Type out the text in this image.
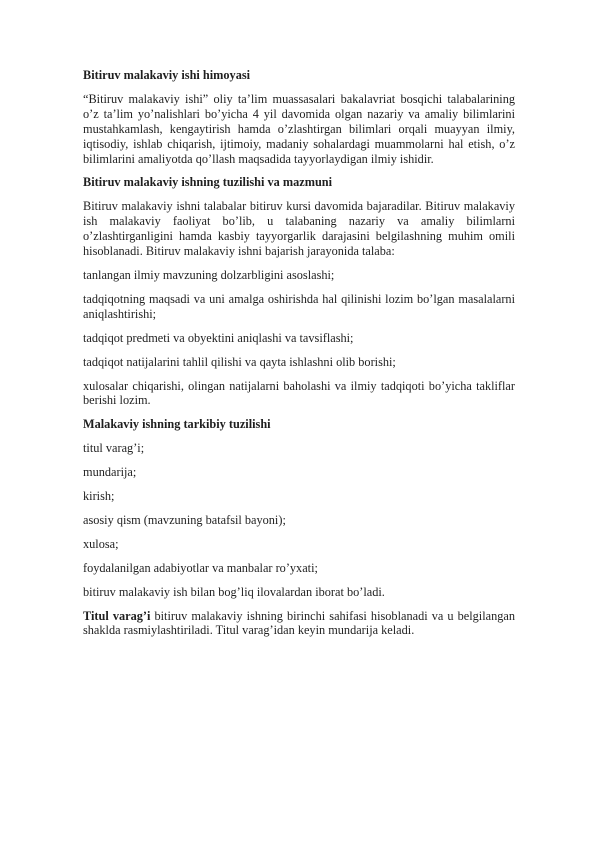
Bitiruv malakaviy ishi himoyasi

“Bitiruv malakaviy ishi” oliy ta’lim muassasalari bakalavriat bosqichi talabalarining o’z ta’lim yo’nalishlari bo’yicha 4 yil davomida olgan nazariy va amaliy bilimlarini mustahkamlash, kengaytirish hamda o’zlashtirgan bilimlari orqali muayyan ilmiy, iqtisodiy, ishlab chiqarish, ijtimoiy, madaniy sohalardagi muammolarni hal etish, o’z bilimlarini amaliyotda qo’llash maqsadida tayyorlaydigan ilmiy ishidir.

Bitiruv malakaviy ishning tuzilishi va mazmuni

Bitiruv malakaviy ishni talabalar bitiruv kursi davomida bajaradilar. Bitiruv malakaviy ish malakaviy faoliyat bo’lib, u talabaning nazariy va amaliy bilimlarni o’zlashtirganligini hamda kasbiy tayyorgarlik darajasini belgilashning muhim omili hisoblanadi. Bitiruv malakaviy ishni bajarish jarayonida talaba:

tanlangan ilmiy mavzuning dolzarbligini asoslashi;

tadqiqotning maqsadi va uni amalga oshirishda hal qilinishi lozim bo’lgan masalalarni aniqlashtirishi;

tadqiqot predmeti va obyektini aniqlashi va tavsiflashi;

tadqiqot natijalarini tahlil qilishi va qayta ishlashni olib borishi;

xulosalar chiqarishi, olingan natijalarni baholashi va ilmiy tadqiqoti bo’yicha takliflar berishi lozim.

Malakaviy ishning tarkibiy tuzilishi

titul varag’i;

mundarija;

kirish;

asosiy qism (mavzuning batafsil bayoni);

xulosa;

foydalanilgan adabiyotlar va manbalar ro’yxati;

bitiruv malakaviy ish bilan bog’liq ilovalardan iborat bo’ladi.

Titul varag’i bitiruv malakaviy ishning birinchi sahifasi hisoblanadi va u belgilangan shaklda rasmiylashtiriladi. Titul varag’idan keyin mundarija keladi.
